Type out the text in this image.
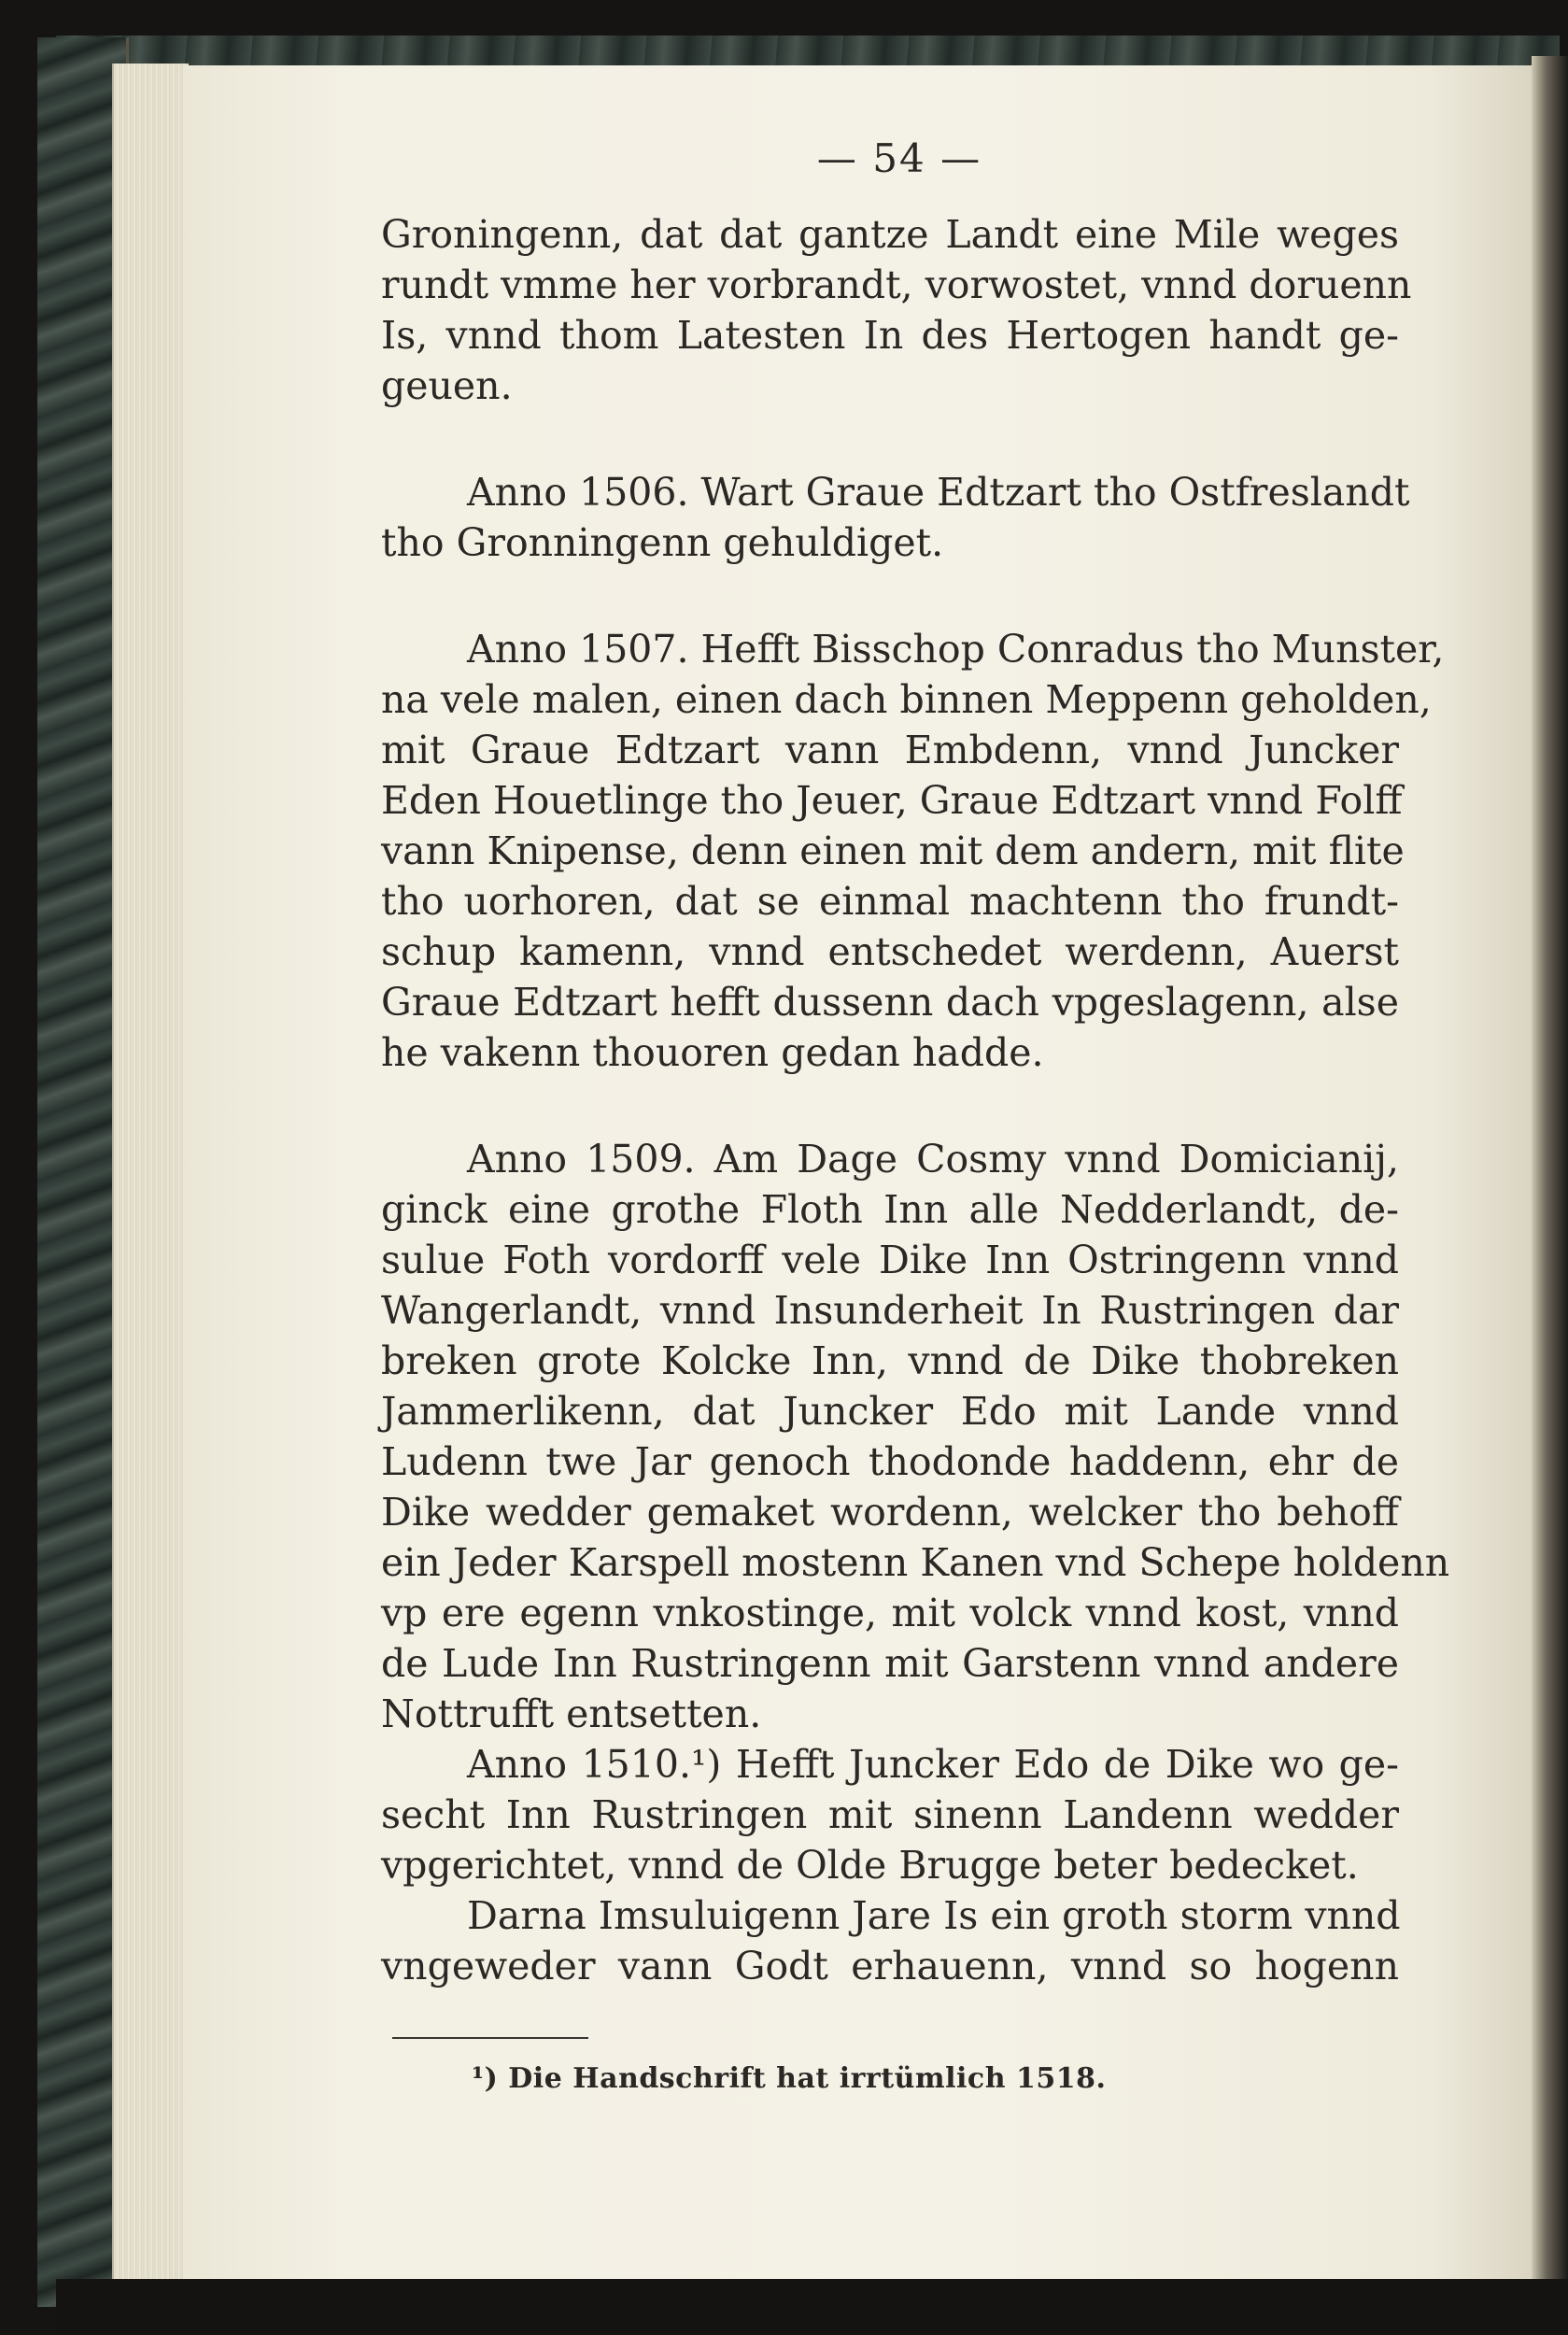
— 54 —
Groningenn, dat dat gantze Landt eine Mile weges
rundt vmme her vorbrandt, vorwostet, vnnd doruenn
Is, vnnd thom Latesten In des Hertogen handt ge-
geuen.
Anno 1506. Wart Graue Edtzart tho Ostfreslandt
tho Gronningenn gehuldiget.
Anno 1507. Hefft Bisschop Conradus tho Munster,
na vele malen, einen dach binnen Meppenn geholden,
mit Graue Edtzart vann Embdenn, vnnd Juncker
Eden Houetlinge tho Jeuer, Graue Edtzart vnnd Folff
vann Knipense, denn einen mit dem andern, mit flite
tho uorhoren, dat se einmal machtenn tho frundt-
schup kamenn, vnnd entschedet werdenn, Auerst
Graue Edtzart hefft dussenn dach vpgeslagenn, alse
he vakenn thouoren gedan hadde.
Anno 1509. Am Dage Cosmy vnnd Domicianij,
ginck eine grothe Floth Inn alle Nedderlandt, de-
sulue Foth vordorff vele Dike Inn Ostringenn vnnd
Wangerlandt, vnnd Insunderheit In Rustringen dar
breken grote Kolcke Inn, vnnd de Dike thobreken
Jammerlikenn, dat Juncker Edo mit Lande vnnd
Ludenn twe Jar genoch thodonde haddenn, ehr de
Dike wedder gemaket wordenn, welcker tho behoff
ein Jeder Karspell mostenn Kanen vnd Schepe holdenn
vp ere egenn vnkostinge, mit volck vnnd kost, vnnd
de Lude Inn Rustringenn mit Garstenn vnnd andere
Nottrufft entsetten.
Anno 1510.¹) Hefft Juncker Edo de Dike wo ge-
secht Inn Rustringen mit sinenn Landenn wedder
vpgerichtet, vnnd de Olde Brugge beter bedecket.
Darna Imsuluigenn Jare Is ein groth storm vnnd
vngeweder vann Godt erhauenn, vnnd so hogenn
¹) Die Handschrift hat irrtümlich 1518.
